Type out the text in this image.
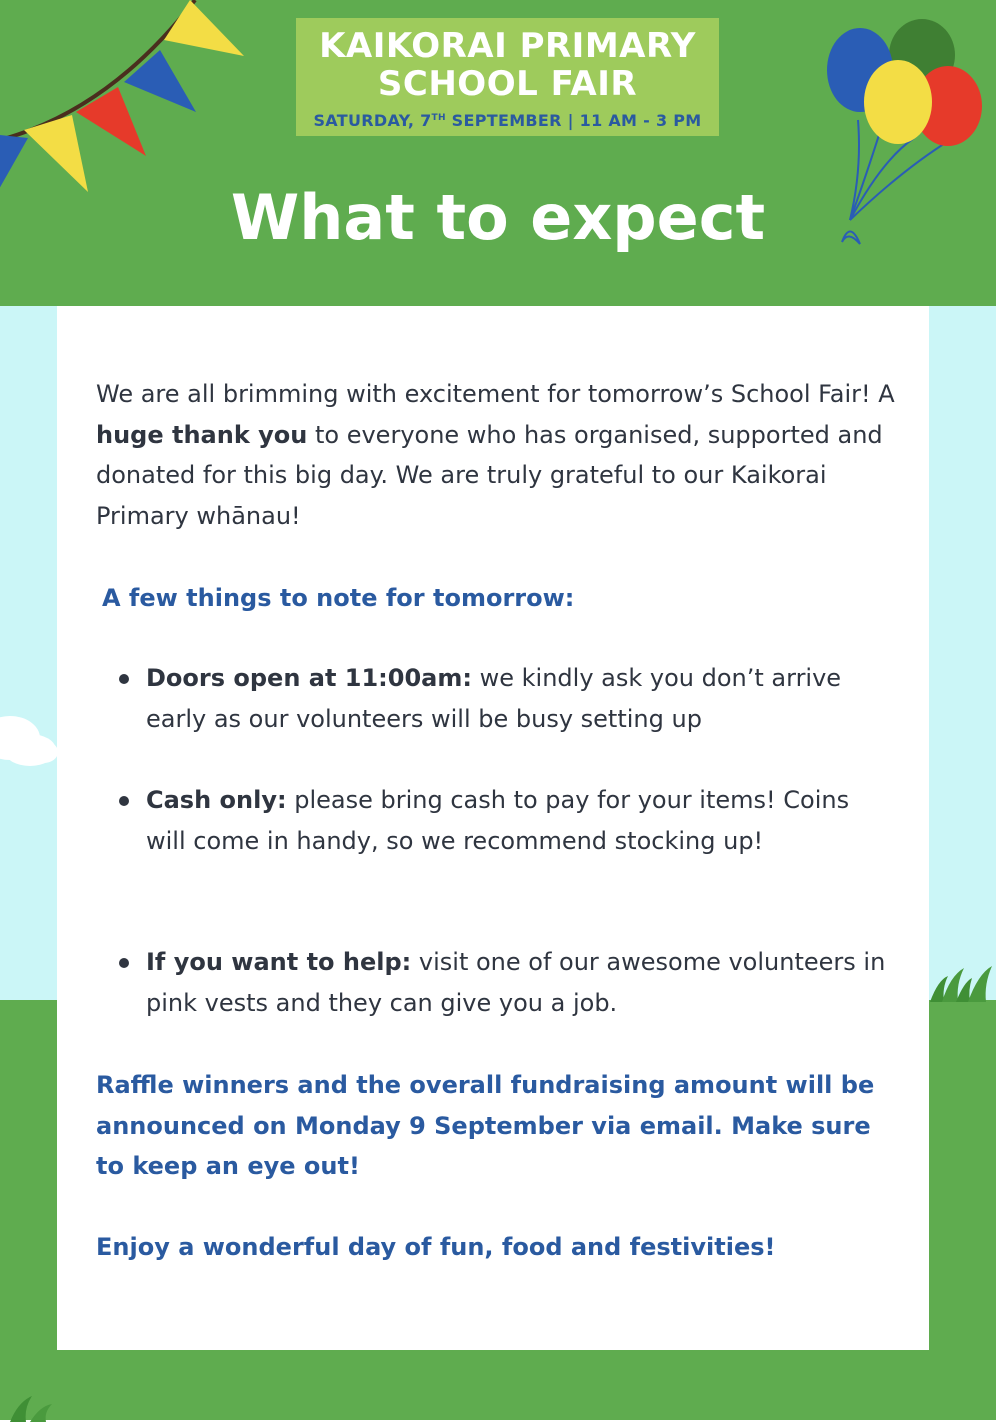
KAIKORAI PRIMARY
SCHOOL FAIR
SATURDAY, 7TH SEPTEMBER | 11 AM - 3 PM
What to expect

We are all brimming with excitement for tomorrow’s School Fair! A huge thank you to everyone who has organised, supported and donated for this big day. We are truly grateful to our Kaikorai Primary whānau!

A few things to note for tomorrow:

Doors open at 11:00am: we kindly ask you don’t arrive early as our volunteers will be busy setting up

Cash only: please bring cash to pay for your items! Coins will come in handy, so we recommend stocking up!

If you want to help: visit one of our awesome volunteers in pink vests and they can give you a job.

Raffle winners and the overall fundraising amount will be announced on Monday 9 September via email. Make sure to keep an eye out!

Enjoy a wonderful day of fun, food and festivities!
